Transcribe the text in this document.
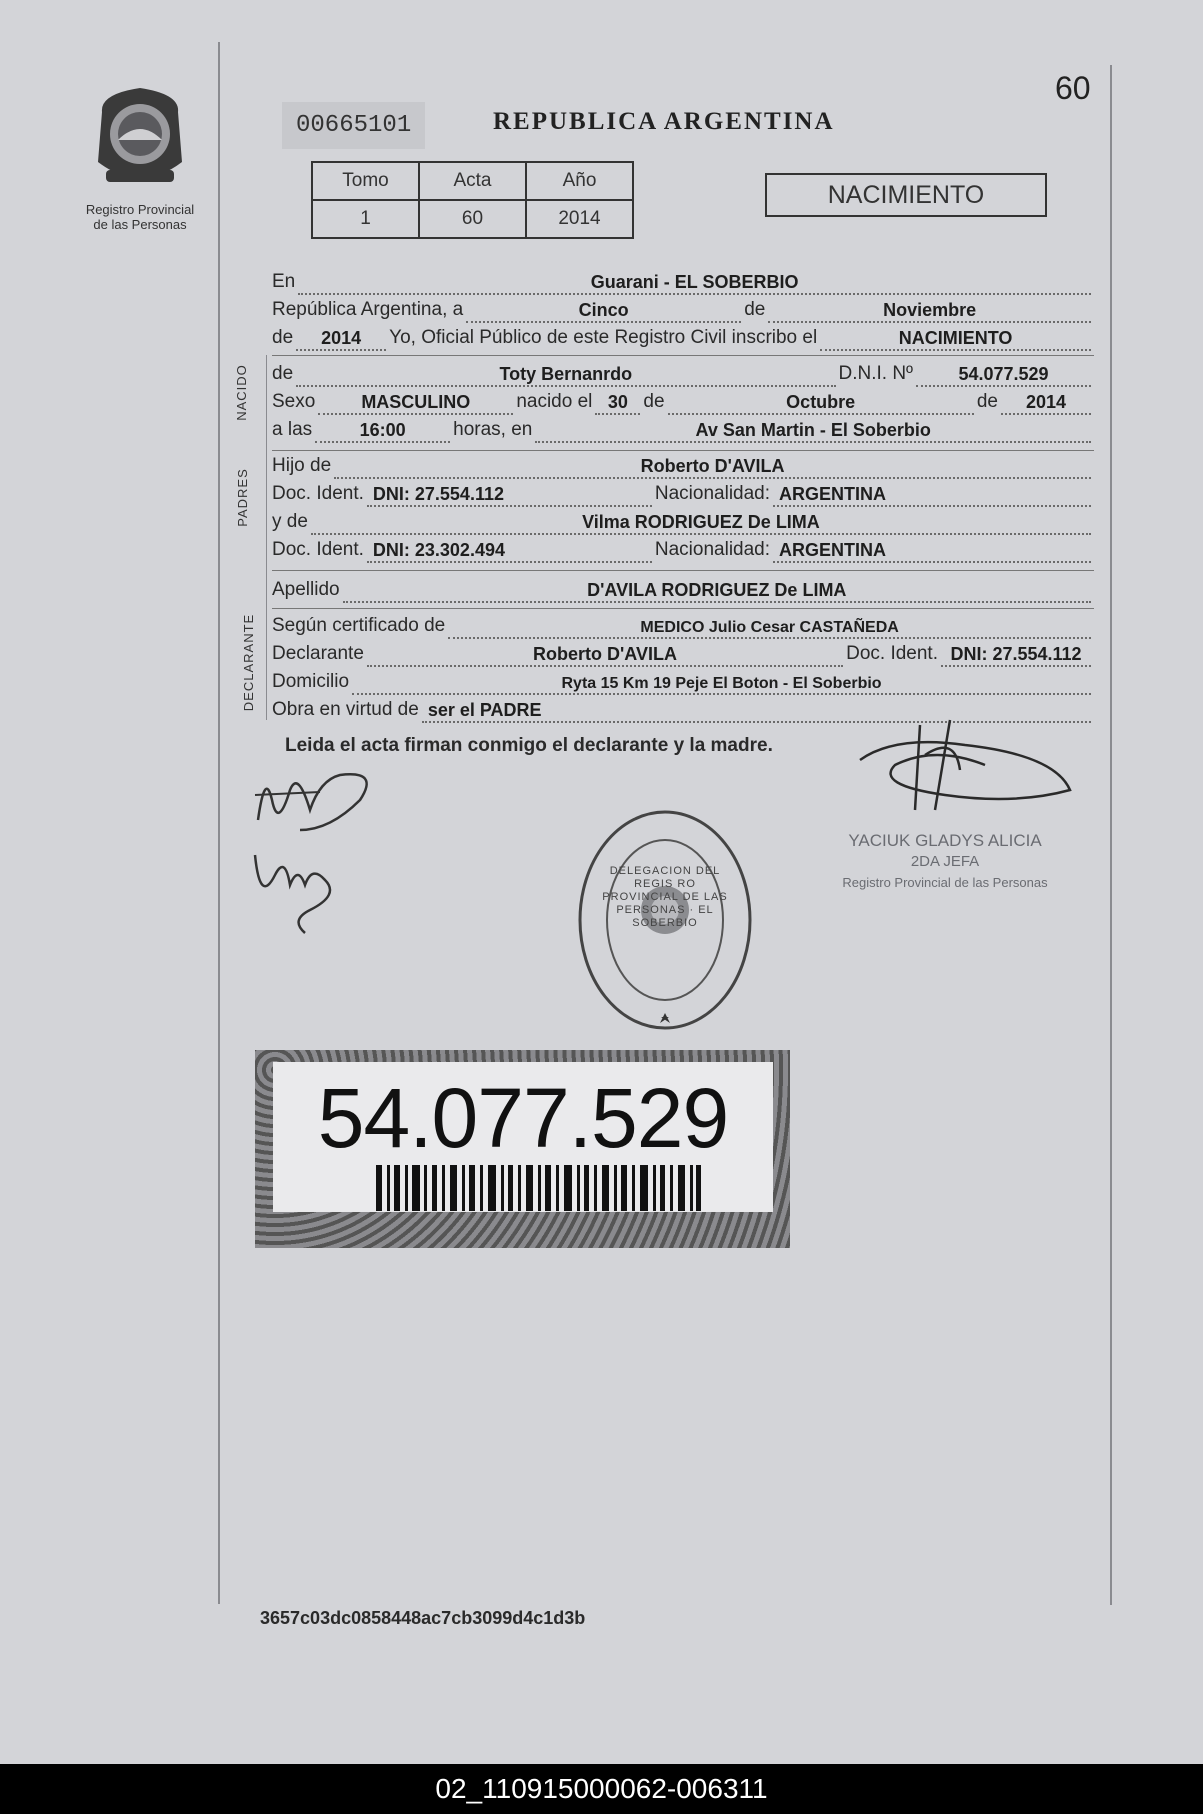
Registro Provincial de las Personas
00665101	REPUBLICA ARGENTINA
60
Tomo	Acta	Año
1	60	2014
NACIMIENTO
NACIDO
PADRES
DECLARANTE
En	Guarani - EL SOBERBIO
República Argentina, a	Cinco	de	Noviembre
de 2014 Yo, Oficial Público de este Registro Civil inscribo el	NACIMIENTO
de	Toty Bernanrdo	D.N.I. Nº	54.077.529
Sexo	MASCULINO nacido el 30 de	Octubre	de 2014
a las	16:00 horas, en	Av San Martin - El Soberbio
Hijo de	Roberto D'AVILA
Doc. Ident. DNI: 27.554.112	Nacionalidad: ARGENTINA
y de	Vilma RODRIGUEZ De LIMA
Doc. Ident. DNI: 23.302.494	Nacionalidad: ARGENTINA
Apellido	D'AVILA RODRIGUEZ De LIMA
Según certificado de	MEDICO Julio Cesar CASTAÑEDA
Declarante	Roberto D'AVILA	Doc. Ident. DNI: 27.554.112
Domicilio	Ryta 15 Km 19 Peje El Boton - El Soberbio
Obra en virtud de ser el PADRE
Leida el acta firman conmigo el declarante y la madre.
YACIUK GLADYS ALICIA
2DA JEFA
Registro Provincial de las Personas
DELEGACION DEL REGIS RO PROVINCIAL DE LAS PERSONAS · EL SOBERBIO
54.077.529
3657c03dc0858448ac7cb3099d4c1d3b
02_110915000062-006311
